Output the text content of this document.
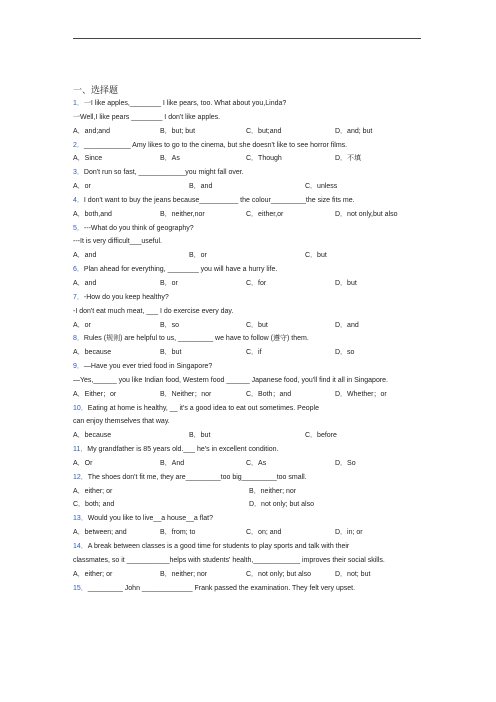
一、选择题
1．一I like apples,________ I like pears, too. What about you,Linda?
一Well,I like pears ________ I don't like apples.
A．and;and	B．but; but	C．but;and	D．and; but
2．____________ Amy likes to go to the cinema, but she doesn't like to see horror films.
A．Since	B．As	C．Though	D．不填
3．Don't run so fast, ____________you might fall over.
A．or	B．and	C．unless
4．I don't want to buy the jeans because__________ the colour_________the size fits me.
A．both,and	B．neither,nor	C．either,or	D．not only,but also
5．---What do you think of geography?
---It is very difficult___useful.
A．and	B．or	C．but
6．Plan ahead for everything, ________ you will have a hurry life.
A．and	B．or	C．for	D．but
7．-How do you keep healthy?
-I don't eat much meat, ___ I do exercise every day.
A．or	B．so	C．but	D．and
8．Rules (规则) are helpful to us, _________ we have to follow (遵守) them.
A．because	B．but	C．if	D．so
9．—Have you ever tried food in Singapore?
—Yes,______ you like Indian food, Western food ______ Japanese food, you'll find it all in Singapore.
A．Either；or	B．Neither；nor	C．Both；and	D．Whether；or
10．Eating at home is healthy, __ it's a good idea to eat out sometimes. People
can enjoy themselves that way.
A．because	B．but	C．before
11．My grandfather is 85 years old.___ he's in excellent condition.
A．Or	B．And	C．As	D．So
12．The shoes don't fit me, they are_________too big_________too small.
A．either; or	B．neither; nor
C．both; and	D．not only; but also
13．Would you like to live__a house__a flat?
A．between; and	B．from; to	C．on; and	D．in; or
14．A break between classes is a good time for students to play sports and talk with their
classmates, so it ___________helps with students' health,____________ improves their social skills.
A．either; or	B．neither; nor	C．not only; but also	D．not; but
15．_________ John _____________ Frank passed the examination. They felt very upset.
